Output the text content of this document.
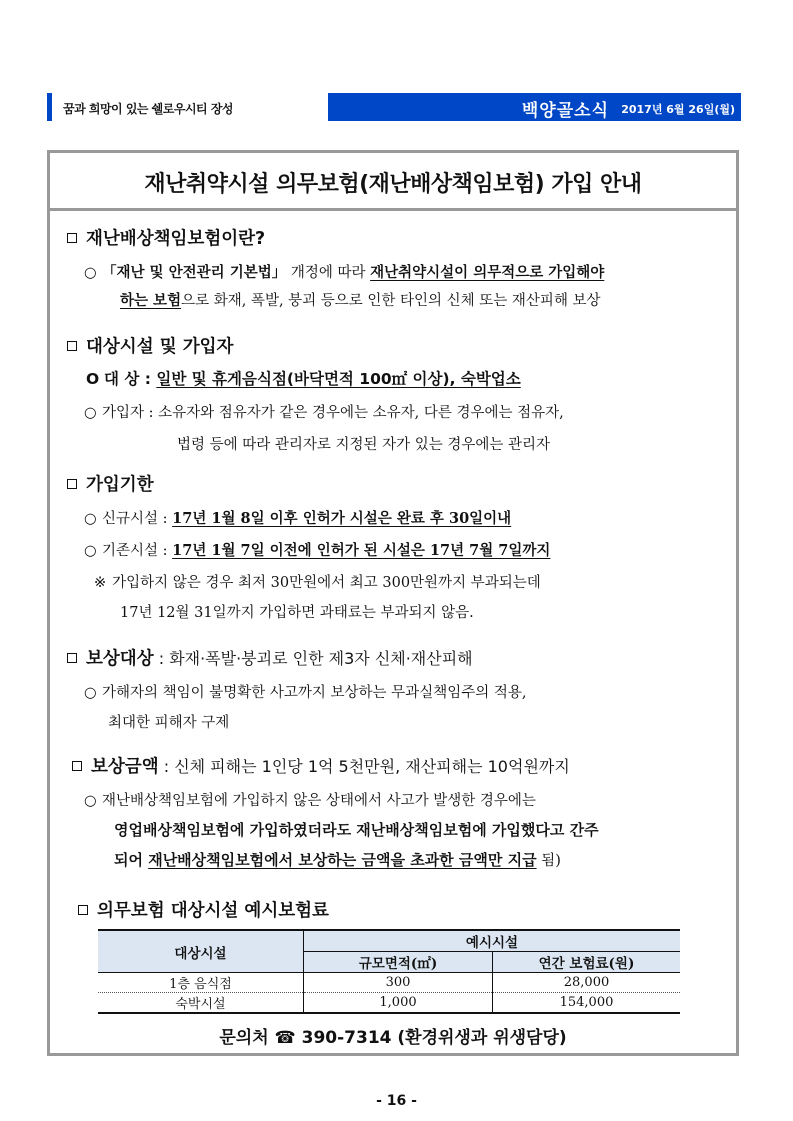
꿈과 희망이 있는 쉘로우시티 장성	백양골소식 2017년 6월 26일(월)
재난취약시설 의무보험(재난배상책임보험) 가입 안내
재난배상책임보험이란?
○ 「재난 및 안전관리 기본법」 개정에 따라 재난취약시설이 의무적으로 가입해야
하는 보험으로 화재, 폭발, 붕괴 등으로 인한 타인의 신체 또는 재산피해 보상
대상시설 및 가입자
O 대 상 : 일반 및 휴게음식점(바닥면적 100㎡ 이상), 숙박업소
○ 가입자 : 소유자와 점유자가 같은 경우에는 소유자, 다른 경우에는 점유자,
법령 등에 따라 관리자로 지정된 자가 있는 경우에는 관리자
가입기한
○ 신규시설 : 17년 1월 8일 이후 인허가 시설은 완료 후 30일이내
○ 기존시설 : 17년 1월 7일 이전에 인허가 된 시설은 17년 7월 7일까지
※ 가입하지 않은 경우 최저 30만원에서 최고 300만원까지 부과되는데
17년 12월 31일까지 가입하면 과태료는 부과되지 않음.
보상대상 : 화재·폭발·붕괴로 인한 제3자 신체·재산피해
○ 가해자의 책임이 불명확한 사고까지 보상하는 무과실책임주의 적용,
최대한 피해자 구제
보상금액 : 신체 피해는 1인당 1억 5천만원, 재산피해는 10억원까지
○ 재난배상책임보험에 가입하지 않은 상태에서 사고가 발생한 경우에는
영업배상책임보험에 가입하였더라도 재난배상책임보험에 가입했다고 간주
되어 재난배상책임보험에서 보상하는 금액을 초과한 금액만 지급 됨)
의무보험 대상시설 예시보험료
대상시설	예시시설	
	규모면적(㎡)	연간 보험료(원)
1층 음식점	300	28,000
숙박시설	1,000	154,000
문의처 ☎ 390-7314 (환경위생과 위생담당)
- 16 -
